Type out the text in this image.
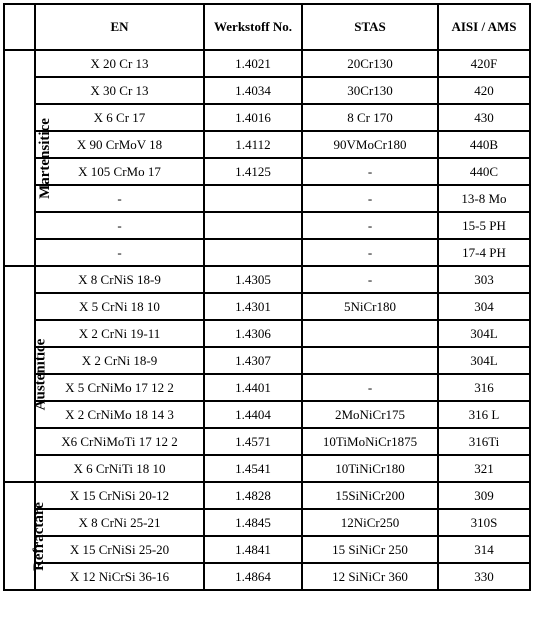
	EN	Werkstoff No.	STAS	AISI / AMS
Martensitice	X 20 Cr 13	1.4021	20Cr130	420F
	X 30 Cr 13	1.4034	30Cr130	420
	X 6 Cr 17	1.4016	8 Cr 170	430
	X 90 CrMoV 18	1.4112	90VMoCr180	440B
	X 105 CrMo 17	1.4125	-	440C
	-		-	13-8 Mo
	-		-	15-5 PH
	-		-	17-4 PH
Austenitice	X 8 CrNiS 18-9	1.4305	-	303
	X 5 CrNi 18 10	1.4301	5NiCr180	304
	X 2 CrNi 19-11	1.4306		304L
	X 2 CrNi 18-9	1.4307		304L
	X 5 CrNiMo 17 12 2	1.4401	-	316
	X 2 CrNiMo 18 14 3	1.4404	2MoNiCr175	316 L
	X6 CrNiMoTi 17 12 2	1.4571	10TiMoNiCr1875	316Ti
	X 6 CrNiTi 18 10	1.4541	10TiNiCr180	321
Refractare	X 15 CrNiSi 20-12	1.4828	15SiNiCr200	309
	X 8 CrNi 25-21	1.4845	12NiCr250	310S
	X 15 CrNiSi 25-20	1.4841	15 SiNiCr 250	314
	X 12 NiCrSi 36-16	1.4864	12 SiNiCr 360	330
